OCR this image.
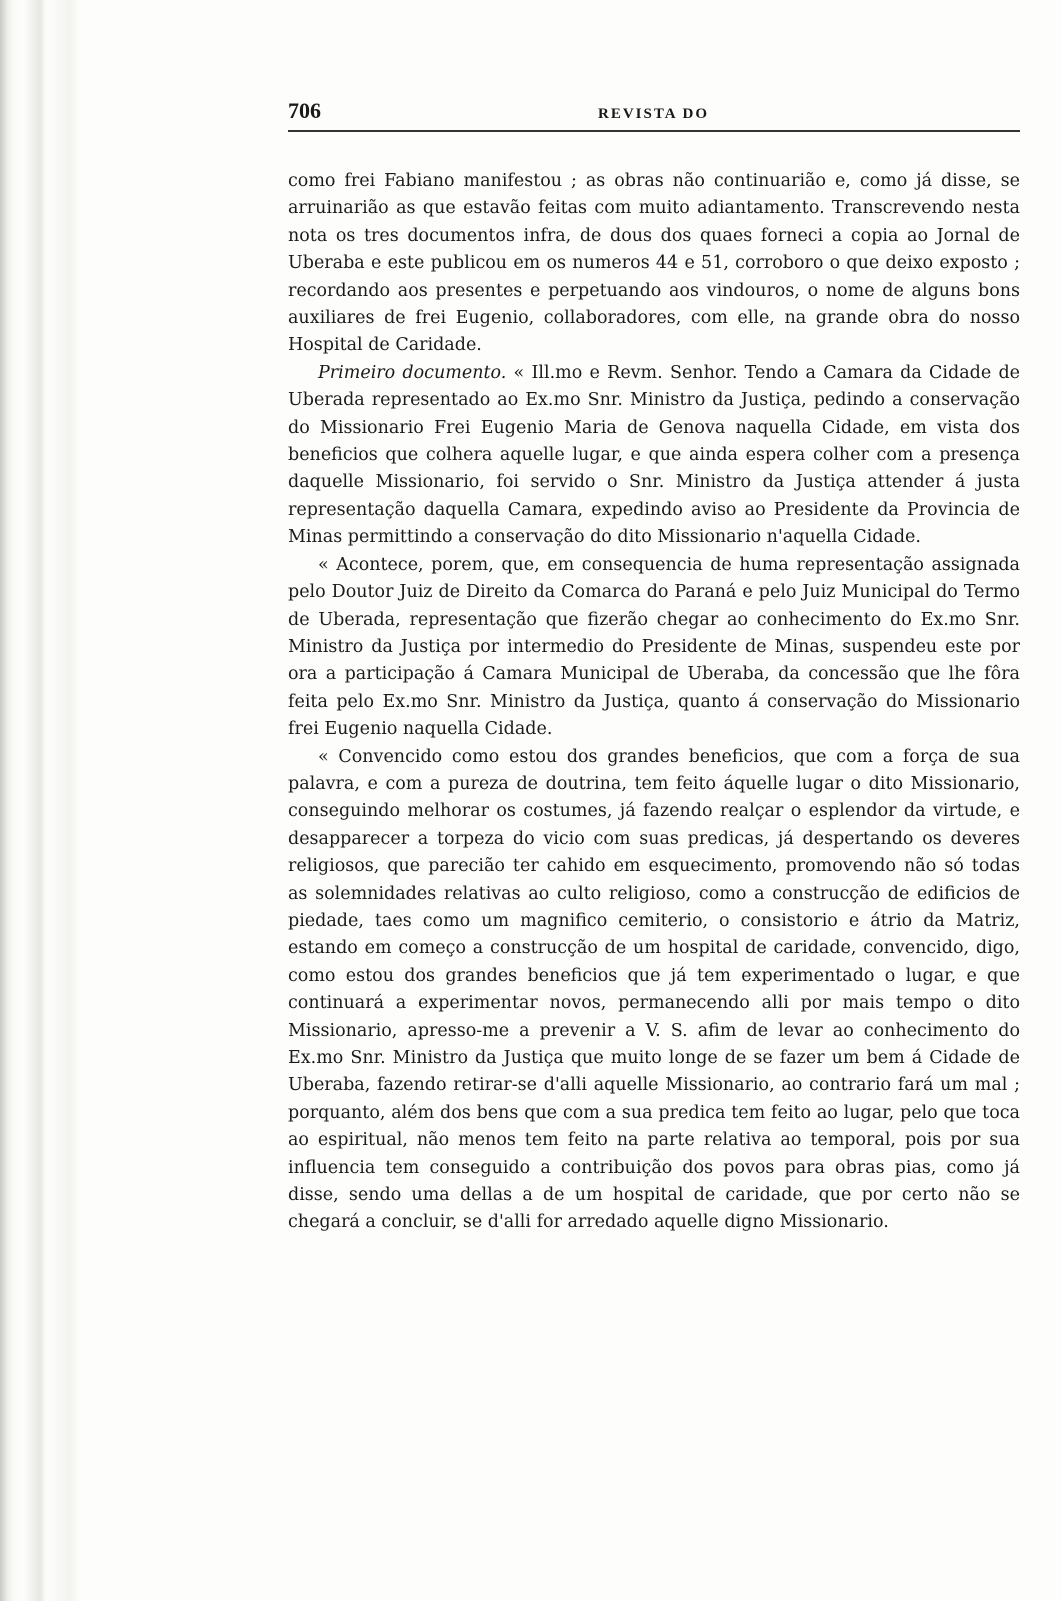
706	REVISTA DO

como frei Fabiano manifestou ; as obras não continuarião e, como já disse, se arruinarião as que estavão feitas com muito adiantamento. Transcrevendo nesta nota os tres documentos infra, de dous dos quaes forneci a copia ao Jornal de Uberaba e este publicou em os numeros 44 e 51, corroboro o que deixo exposto ; recordando aos presentes e perpetuando aos vindouros, o nome de alguns bons auxiliares de frei Eugenio, collaboradores, com elle, na grande obra do nosso Hospital de Caridade.

Primeiro documento. « Ill.mo e Revm. Senhor. Tendo a Camara da Cidade de Uberada representado ao Ex.mo Snr. Ministro da Justiça, pedindo a conservação do Missionario Frei Eugenio Maria de Genova naquella Cidade, em vista dos beneficios que colhera aquelle lugar, e que ainda espera colher com a presença daquelle Missionario, foi servido o Snr. Ministro da Justiça attender á justa representação daquella Camara, expedindo aviso ao Presidente da Provincia de Minas permittindo a conservação do dito Missionario n'aquella Cidade.

« Acontece, porem, que, em consequencia de huma representação assignada pelo Doutor Juiz de Direito da Comarca do Paraná e pelo Juiz Municipal do Termo de Uberada, representação que fizerão chegar ao conhecimento do Ex.mo Snr. Ministro da Justiça por intermedio do Presidente de Minas, suspendeu este por ora a participação á Camara Municipal de Uberaba, da concessão que lhe fôra feita pelo Ex.mo Snr. Ministro da Justiça, quanto á conservação do Missionario frei Eugenio naquella Cidade.

« Convencido como estou dos grandes beneficios, que com a força de sua palavra, e com a pureza de doutrina, tem feito áquelle lugar o dito Missionario, conseguindo melhorar os costumes, já fazendo realçar o esplendor da virtude, e desapparecer a torpeza do vicio com suas predicas, já despertando os deveres religiosos, que parecião ter cahido em esquecimento, promovendo não só todas as solemnidades relativas ao culto religioso, como a construcção de edificios de piedade, taes como um magnifico cemiterio, o consistorio e átrio da Matriz, estando em começo a construcção de um hospital de caridade, convencido, digo, como estou dos grandes beneficios que já tem experimentado o lugar, e que continuará a experimentar novos, permanecendo alli por mais tempo o dito Missionario, apresso-me a prevenir a V. S. afim de levar ao conhecimento do Ex.mo Snr. Ministro da Justiça que muito longe de se fazer um bem á Cidade de Uberaba, fazendo retirar-se d'alli aquelle Missionario, ao contrario fará um mal ; porquanto, além dos bens que com a sua predica tem feito ao lugar, pelo que toca ao espiritual, não menos tem feito na parte relativa ao temporal, pois por sua influencia tem conseguido a contribuição dos povos para obras pias, como já disse, sendo uma dellas a de um hospital de caridade, que por certo não se chegará a concluir, se d'alli for arredado aquelle digno Missionario.
